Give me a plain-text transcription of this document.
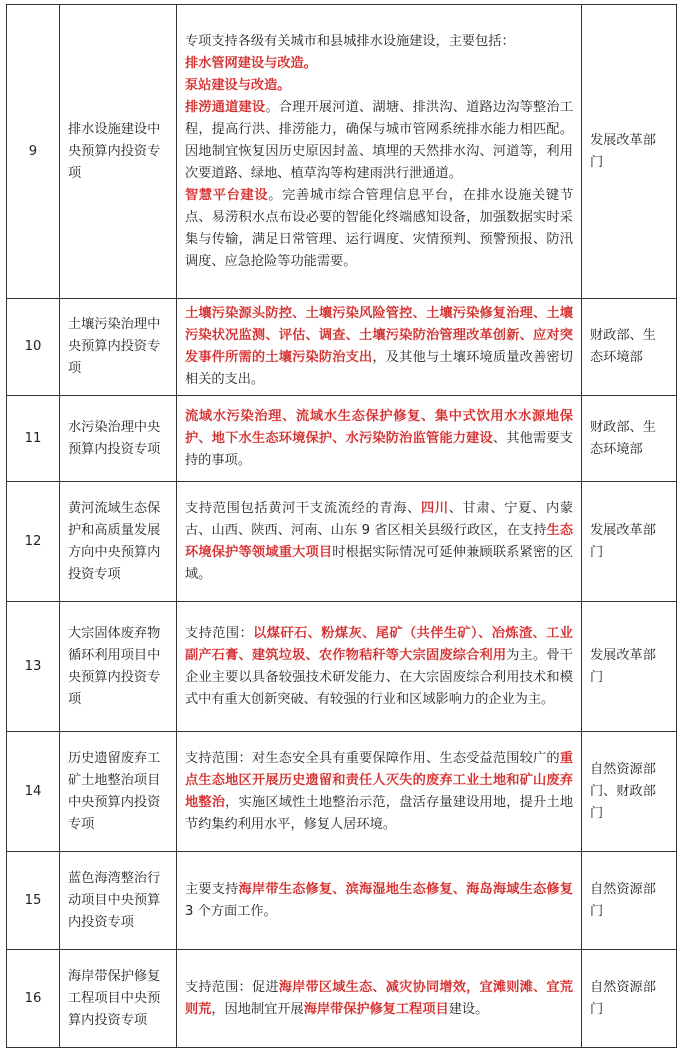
9	排水设施建设中央预算内投资专项	专项支持各级有关城市和县城排水设施建设，主要包括：

排水管网建设与改造。

泵站建设与改造。

排涝通道建设。合理开展河道、湖塘、排洪沟、道路边沟等整治工程，提高行洪、排涝能力，确保与城市管网系统排水能力相匹配。因地制宜恢复因历史原因封盖、填埋的天然排水沟、河道等，利用次要道路、绿地、植草沟等构建雨洪行泄通道。

智慧平台建设。完善城市综合管理信息平台，在排水设施关键节点、易涝积水点布设必要的智能化终端感知设备，加强数据实时采集与传输，满足日常管理、运行调度、灾情预判、预警预报、防汛调度、应急抢险等功能需要。	发展改革部门
10	土壤污染治理中央预算内投资专项	土壤污染源头防控、土壤污染风险管控、土壤污染修复治理、土壤污染状况监测、评估、调查、土壤污染防治管理改革创新、应对突发事件所需的土壤污染防治支出，及其他与土壤环境质量改善密切相关的支出。	财政部、生态环境部
11	水污染治理中央预算内投资专项	流域水污染治理、流域水生态保护修复、集中式饮用水水源地保护、地下水生态环境保护、水污染防治监管能力建设、其他需要支持的事项。	财政部、生态环境部
12	黄河流域生态保护和高质量发展方向中央预算内投资专项	支持范围包括黄河干支流流经的青海、四川、甘肃、宁夏、内蒙古、山西、陕西、河南、山东 9 省区相关县级行政区，在支持生态环境保护等领域重大项目时根据实际情况可延伸兼顾联系紧密的区域。	发展改革部门
13	大宗固体废弃物循环利用项目中央预算内投资专项	支持范围：以煤矸石、粉煤灰、尾矿（共伴生矿）、冶炼渣、工业副产石膏、建筑垃圾、农作物秸秆等大宗固废综合利用为主。骨干企业主要以具备较强技术研发能力、在大宗固废综合利用技术和模式中有重大创新突破、有较强的行业和区域影响力的企业为主。	发展改革部门
14	历史遗留废弃工矿土地整治项目中央预算内投资专项	支持范围：对生态安全具有重要保障作用、生态受益范围较广的重点生态地区开展历史遗留和责任人灭失的废弃工业土地和矿山废弃地整治，实施区域性土地整治示范，盘活存量建设用地，提升土地节约集约利用水平，修复人居环境。	自然资源部门、财政部门
15	蓝色海湾整治行动项目中央预算内投资专项	主要支持海岸带生态修复、滨海湿地生态修复、海岛海域生态修复 3 个方面工作。	自然资源部门
16	海岸带保护修复工程项目中央预算内投资专项	支持范围：促进海岸带区域生态、减灾协同增效，宜滩则滩、宜荒则荒，因地制宜开展海岸带保护修复工程项目建设。	自然资源部门
